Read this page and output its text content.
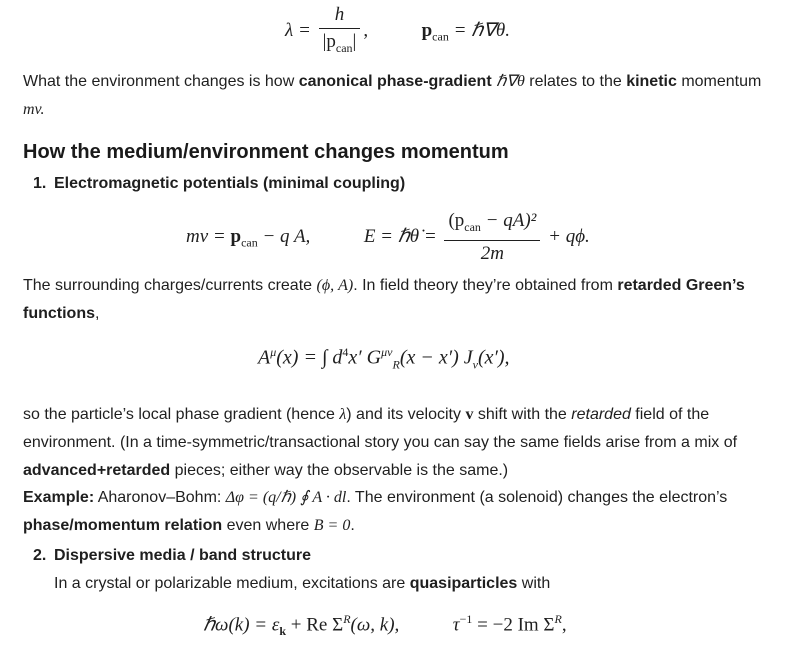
$\lambda = \frac{h}{|p_{can}|}$ ,	$p_{can}$ = ℏ∇θ.
What the environment changes is how canonical phase-gradient ℏ∇θ relates to the kinetic momentum
mv.
How the medium/environment changes momentum
1. Electromagnetic potentials (minimal coupling)
mv = $p_{can} - q$ A,	E = ℏθ̇ = $\frac{(p_{can} - qA)^2}{2m} + q\phi$.
The surrounding charges/currents create (ϕ, A). In field theory they’re obtained from retarded Green’s
functions,
$A^\mu(x)$ = ∫ $d^4x'$ $G^{\mu\nu}_R(x - x')$ $J_\nu(x')$,
so the particle’s local phase gradient (hence λ) and its velocity v shift with the retarded field of the
environment. (In a time-symmetric/transactional story you can say the same fields arise from a mix of
advanced+retarded pieces; either way the observable is the same.)
Example: Aharonov–Bohm: Δφ = (q/ℏ) ∮ A · dl. The environment (a solenoid) changes the electron’s
phase/momentum relation even where B = 0.
2. Dispersive media / band structure
In a crystal or polarizable medium, excitations are quasiparticles with
ℏω(k) = $\varepsilon_k + Re$ $\Sigma^R(\omega$, k),	$\tau^{-1} = -2$ Im $\Sigma^R$,
